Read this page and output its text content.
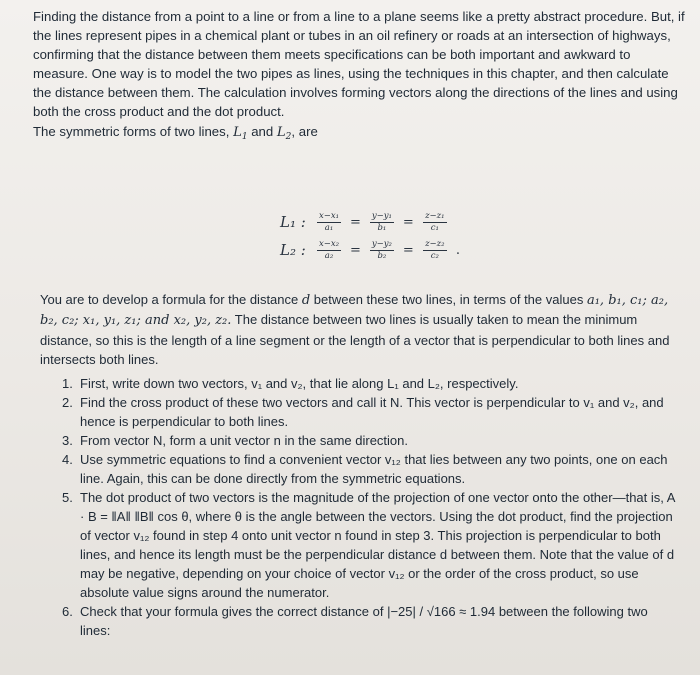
Finding the distance from a point to a line or from a line to a plane seems like a pretty abstract procedure. But, if the lines represent pipes in a chemical plant or tubes in an oil refinery or roads at an intersection of highways, confirming that the distance between them meets specifications can be both important and awkward to measure. One way is to model the two pipes as lines, using the techniques in this chapter, and then calculate the distance between them. The calculation involves forming vectors along the directions of the lines and using both the cross product and the dot product.

The symmetric forms of two lines, $L_1$ and $L_2$, are

L₁ : $\frac{\text{x−x₁}}{\text{a₁}} = \frac{\text{y−y₁}}{\text{b₁}} = \frac{\text{z−z₁}}{\text{c₁}}$
L₂ : $\frac{\text{x−x₂}}{\text{a₂}} = \frac{\text{y−y₂}}{\text{b₂}} = \frac{\text{z−z₂}}{\text{c₂}}$ .

You are to develop a formula for the distance d between these two lines, in terms of the values a₁, b₁, c₁; a₂, b₂, c₂; x₁, y₁, z₁; and x₂, y₂, z₂. The distance between two lines is usually taken to mean the minimum distance, so this is the length of a line segment or the length of a vector that is perpendicular to both lines and intersects both lines.

1. First, write down two vectors, v₁ and v₂, that lie along L₁ and L₂, respectively.
2. Find the cross product of these two vectors and call it N. This vector is perpendicular to v₁ and v₂, and hence is perpendicular to both lines.
3. From vector N, form a unit vector n in the same direction.
4. Use symmetric equations to find a convenient vector v₁₂ that lies between any two points, one on each line. Again, this can be done directly from the symmetric equations.
5. The dot product of two vectors is the magnitude of the projection of one vector onto the other—that is, A · B = ‖A‖ ‖B‖ cos θ, where θ is the angle between the vectors. Using the dot product, find the projection of vector v₁₂ found in step 4 onto unit vector n found in step 3. This projection is perpendicular to both lines, and hence its length must be the perpendicular distance d between them. Note that the value of d may be negative, depending on your choice of vector v₁₂ or the order of the cross product, so use absolute value signs around the numerator.
6. Check that your formula gives the correct distance of |−25| / √166 ≈ 1.94 between the following two lines:
